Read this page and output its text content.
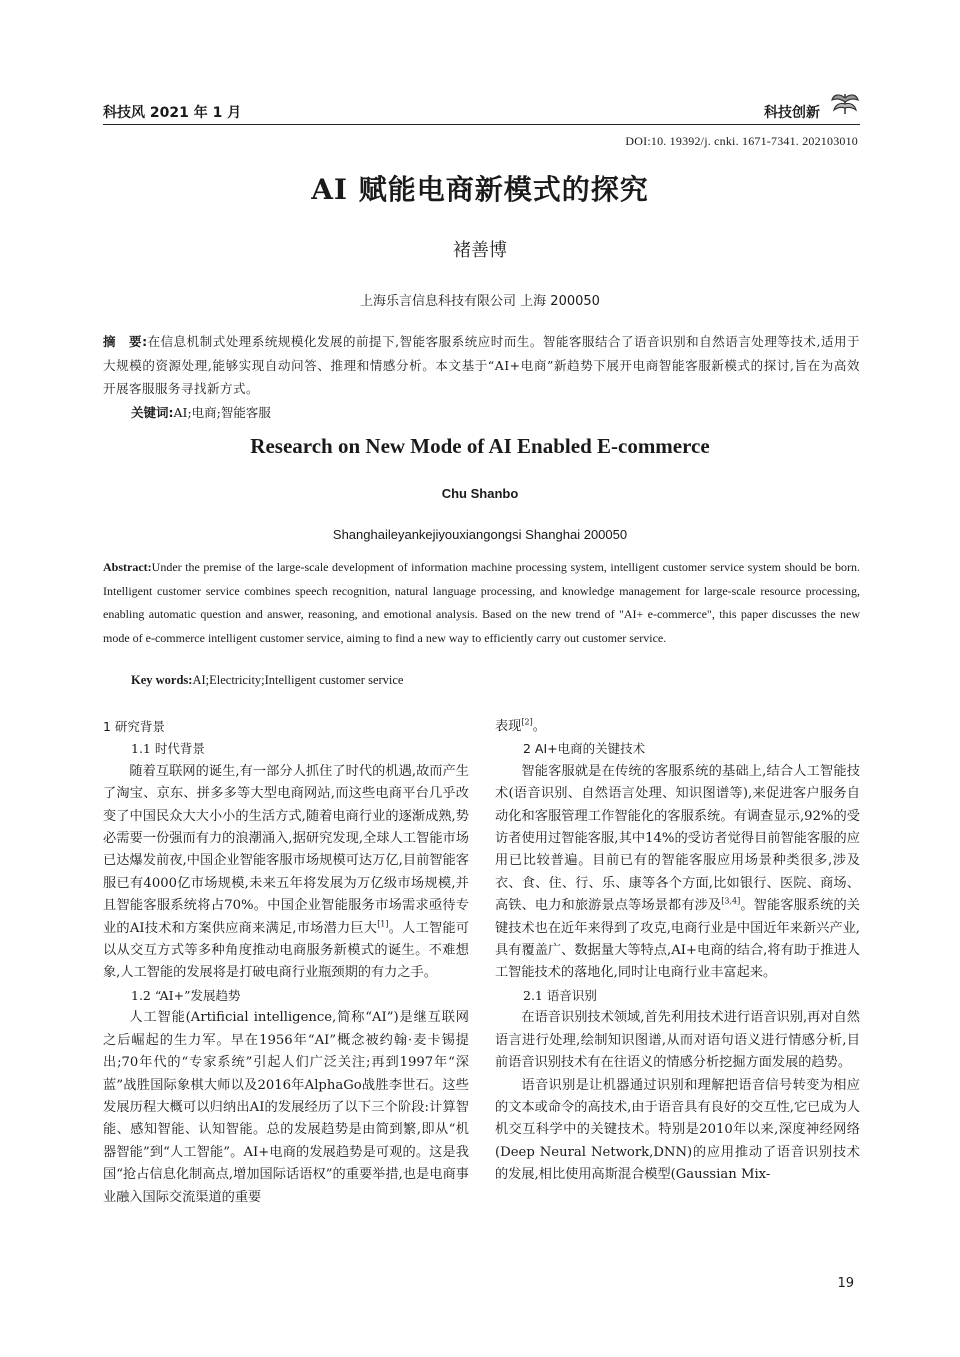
科技风 2021 年 1 月	科技创新
DOI:10. 19392/j. cnki. 1671-7341. 202103010
AI 赋能电商新模式的探究
褚善博
上海乐言信息科技有限公司 上海 200050
摘　要:在信息机制式处理系统规模化发展的前提下,智能客服系统应时而生。智能客服结合了语音识别和自然语言处理等技术,适用于大规模的资源处理,能够实现自动问答、推理和情感分析。本文基于“AI+电商”新趋势下展开电商智能客服新模式的探讨,旨在为高效开展客服服务寻找新方式。
关键词:AI;电商;智能客服
Research on New Mode of AI Enabled E-commerce
Chu Shanbo
Shanghaileyankejiyouxiangongsi Shanghai 200050
Abstract:Under the premise of the large-scale development of information machine processing system, intelligent customer service system should be born. Intelligent customer service combines speech recognition, natural language processing, and knowledge management for large-scale resource processing, enabling automatic question and answer, reasoning, and emotional analysis. Based on the new trend of "AI+ e-commerce", this paper discusses the new mode of e-commerce intelligent customer service, aiming to find a new way to efficiently carry out customer service.
Key words:AI;Electricity;Intelligent customer service

1 研究背景

1.1 时代背景

随着互联网的诞生,有一部分人抓住了时代的机遇,故而产生了淘宝、京东、拼多多等大型电商网站,而这些电商平台几乎改变了中国民众大大小小的生活方式,随着电商行业的逐渐成熟,势必需要一份强而有力的浪潮涌入,据研究发现,全球人工智能市场已达爆发前夜,中国企业智能客服市场规模可达万亿,目前智能客服已有4000亿市场规模,未来五年将发展为万亿级市场规模,并且智能客服系统将占70%。中国企业智能服务市场需求亟待专业的AI技术和方案供应商来满足,市场潜力巨大[1]。人工智能可以从交互方式等多种角度推动电商服务新模式的诞生。不难想象,人工智能的发展将是打破电商行业瓶颈期的有力之手。

1.2 “AI+”发展趋势

人工智能(Artificial intelligence,简称“AI”)是继互联网之后崛起的生力军。早在1956年“AI”概念被约翰·麦卡锡提出;70年代的“专家系统”引起人们广泛关注;再到1997年“深蓝”战胜国际象棋大师以及2016年AlphaGo战胜李世石。这些发展历程大概可以归纳出AI的发展经历了以下三个阶段:计算智能、感知智能、认知智能。总的发展趋势是由简到繁,即从“机器智能”到“人工智能”。AI+电商的发展趋势是可观的。这是我国“抢占信息化制高点,增加国际话语权”的重要举措,也是电商事业融入国际交流渠道的重要

表现[2]。

2 AI+电商的关键技术

智能客服就是在传统的客服系统的基础上,结合人工智能技术(语音识别、自然语言处理、知识图谱等),来促进客户服务自动化和客服管理工作智能化的客服系统。有调查显示,92%的受访者使用过智能客服,其中14%的受访者觉得目前智能客服的应用已比较普遍。目前已有的智能客服应用场景种类很多,涉及衣、食、住、行、乐、康等各个方面,比如银行、医院、商场、高铁、电力和旅游景点等场景都有涉及[3,4]。智能客服系统的关键技术也在近年来得到了攻克,电商行业是中国近年来新兴产业,具有覆盖广、数据量大等特点,AI+电商的结合,将有助于推进人工智能技术的落地化,同时让电商行业丰富起来。

2.1 语音识别

在语音识别技术领域,首先利用技术进行语音识别,再对自然语言进行处理,绘制知识图谱,从而对语句语义进行情感分析,目前语音识别技术有在往语义的情感分析挖掘方面发展的趋势。

语音识别是让机器通过识别和理解把语音信号转变为相应的文本或命令的高技术,由于语音具有良好的交互性,它已成为人机交互科学中的关键技术。特别是2010年以来,深度神经网络(Deep Neural Network,DNN)的应用推动了语音识别技术的发展,相比使用高斯混合模型(Gaussian Mix-

19
